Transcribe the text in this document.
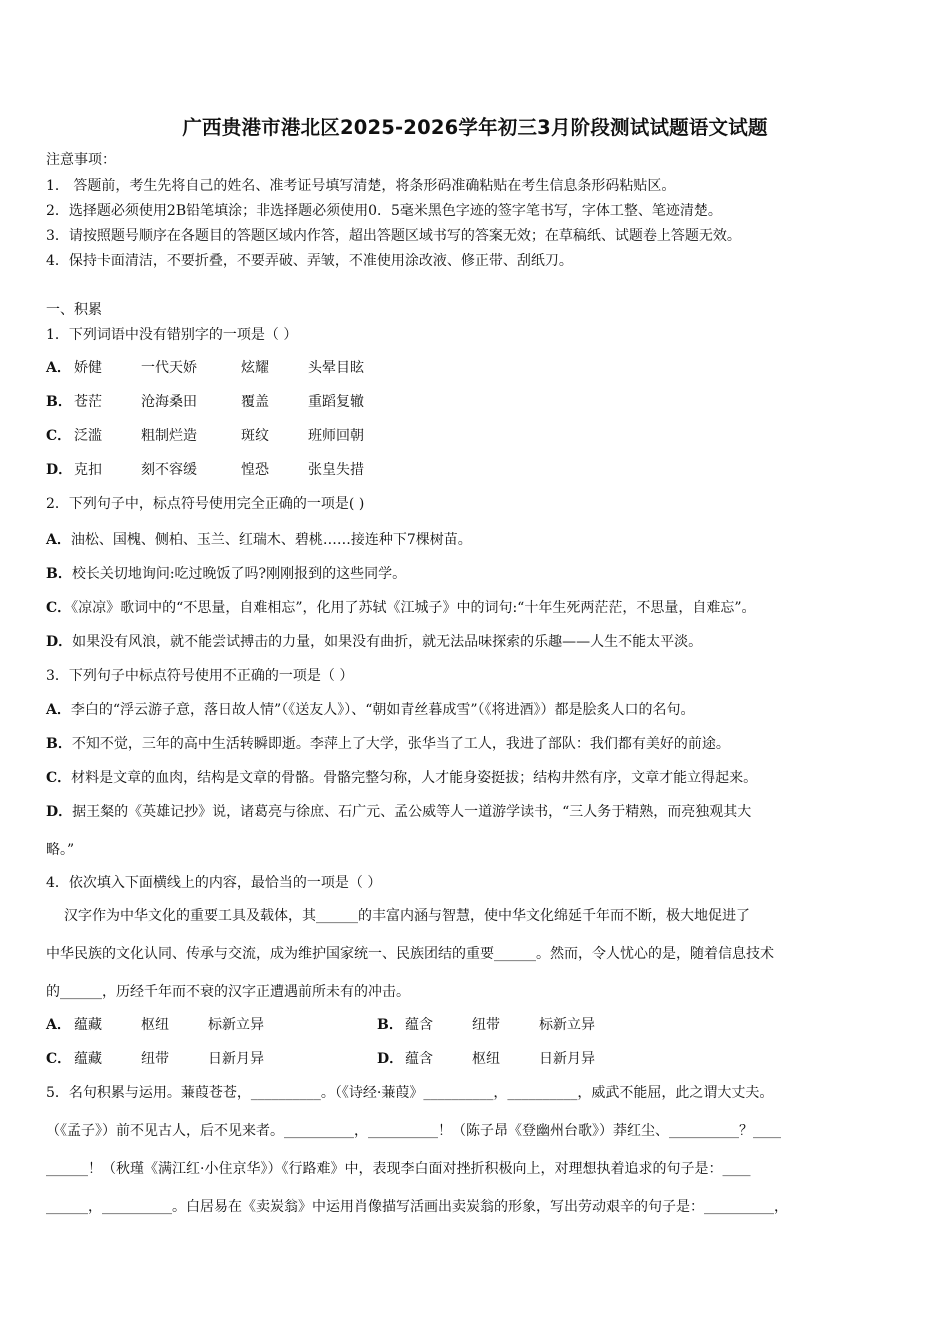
广西贵港市港北区2025-2026学年初三3月阶段测试试题语文试题
注意事项：
1． 答题前，考生先将自己的姓名、准考证号填写清楚，将条形码准确粘贴在考生信息条形码粘贴区。
2．选择题必须使用2B铅笔填涂；非选择题必须使用0．5毫米黑色字迹的签字笔书写，字体工整、笔迹清楚。
3．请按照题号顺序在各题目的答题区域内作答，超出答题区域书写的答案无效；在草稿纸、试题卷上答题无效。
4．保持卡面清洁，不要折叠，不要弄破、弄皱，不准使用涂改液、修正带、刮纸刀。
一、积累
1．下列词语中没有错别字的一项是（ ）
A． 娇健	一代天娇	炫耀	头晕目眩
B． 苍茫	沧海桑田	覆盖	重蹈复辙
C． 泛滥	粗制烂造	斑纹	班师回朝
D． 克扣	刻不容缓	惶恐	张皇失措
2．下列句子中，标点符号使用完全正确的一项是( )
A．油松、国槐、侧柏、玉兰、红瑞木、碧桃……接连种下7棵树苗。
B．校长关切地询问:吃过晚饭了吗?刚刚报到的这些同学。
C．《凉凉》歌词中的“不思量，自难相忘”，化用了苏轼《江城子》中的词句:“十年生死两茫茫，不思量，自难忘”。
D．如果没有风浪，就不能尝试搏击的力量，如果没有曲折，就无法品味探索的乐趣——人生不能太平淡。
3．下列句子中标点符号使用不正确的一项是（ ）
A．李白的“浮云游子意，落日故人情”（《送友人》）、“朝如青丝暮成雪”（《将进酒》）都是脍炙人口的名句。
B．不知不觉，三年的高中生活转瞬即逝。李萍上了大学，张华当了工人，我进了部队：我们都有美好的前途。
C．材料是文章的血肉，结构是文章的骨骼。骨骼完整匀称，人才能身姿挺拔；结构井然有序，文章才能立得起来。
D．据王粲的《英雄记抄》说，诸葛亮与徐庶、石广元、孟公威等人一道游学读书，“三人务于精熟，而亮独观其大
略。”
4．依次填入下面横线上的内容，最恰当的一项是（ ）
汉字作为中华文化的重要工具及载体，其______的丰富内涵与智慧，使中华文化绵延千年而不断，极大地促进了
中华民族的文化认同、传承与交流，成为维护国家统一、民族团结的重要______。然而，令人忧心的是，随着信息技术
的______，历经千年而不衰的汉字正遭遇前所未有的冲击。
A． 蕴藏	枢纽	标新立异	B． 蕴含	纽带	标新立异
C． 蕴藏	纽带	日新月异	D． 蕴含	枢纽	日新月异
5．名句积累与运用。蒹葭苍苍，__________。（《诗经·蒹葭》__________，__________，威武不能屈，此之谓大丈夫。
（《孟子》）前不见古人，后不见来者。__________，__________！（陈子昂《登幽州台歌》）莽红尘、__________？____
______！（秋瑾《满江红·小住京华》）《行路难》中，表现李白面对挫折积极向上，对理想执着追求的句子是：____
______，__________。白居易在《卖炭翁》中运用肖像描写活画出卖炭翁的形象，写出劳动艰辛的句子是：__________，
